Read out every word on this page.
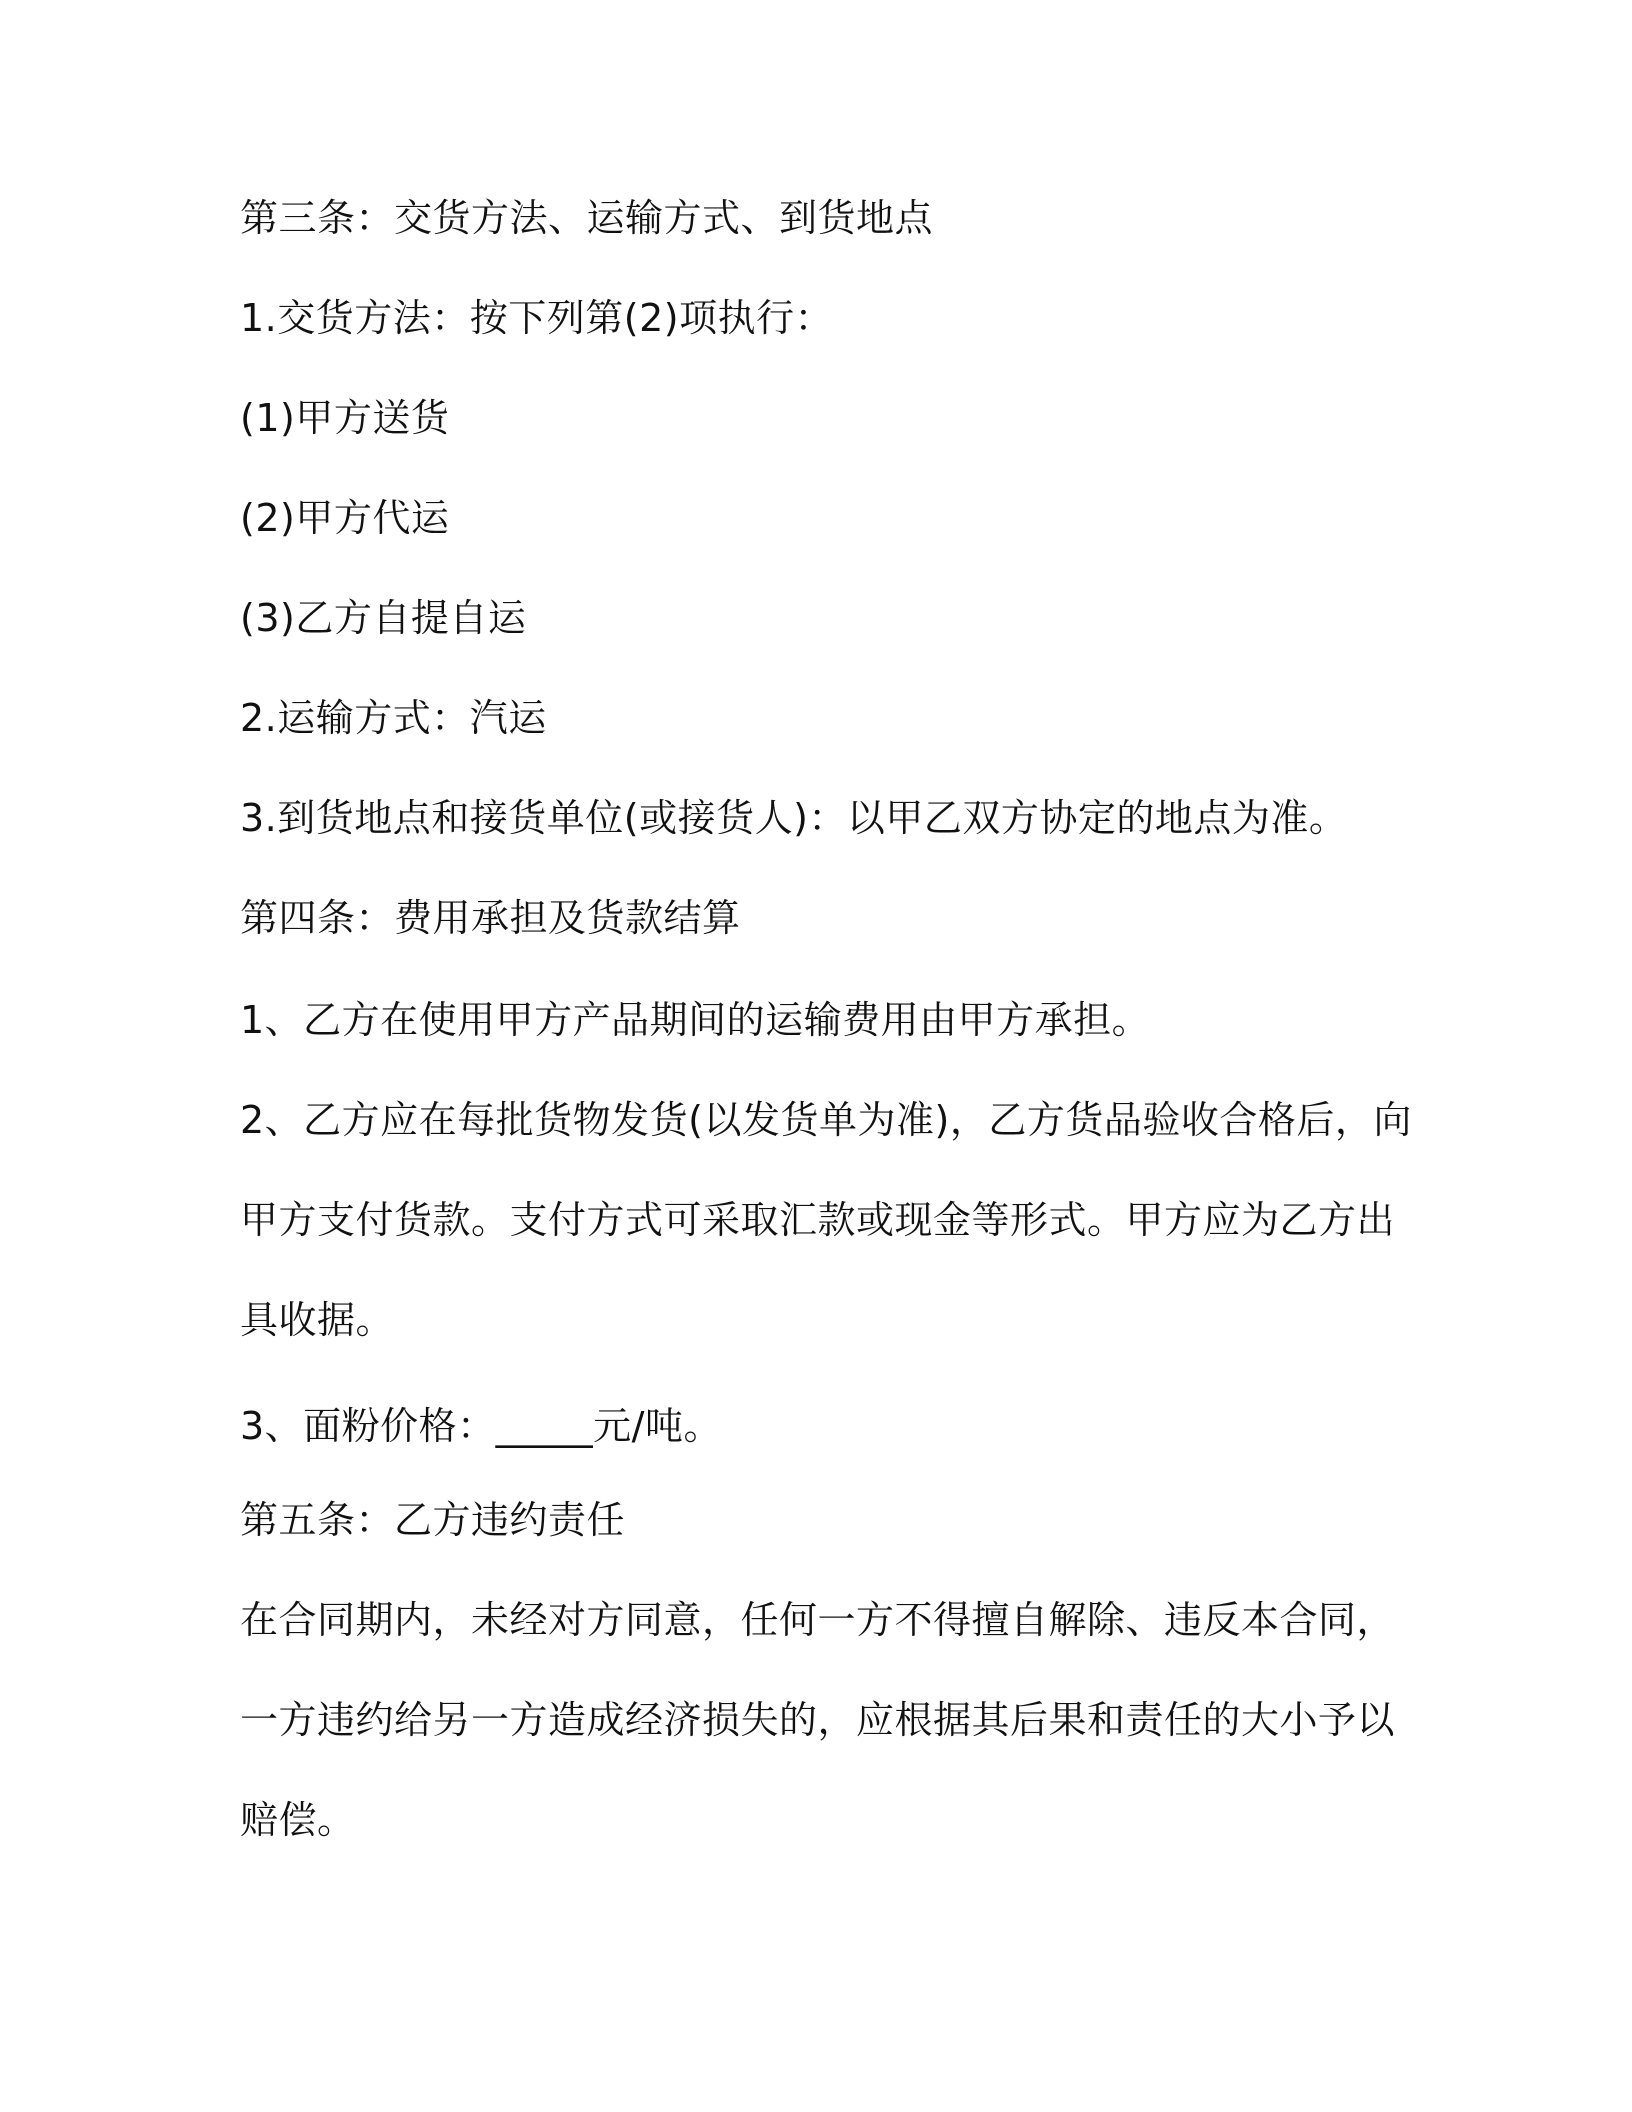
第三条：交货方法、运输方式、到货地点

1.交货方法：按下列第(2)项执行：

(1)甲方送货

(2)甲方代运

(3)乙方自提自运

2.运输方式：汽运

3.到货地点和接货单位(或接货人)：以甲乙双方协定的地点为准。

第四条：费用承担及货款结算

1、乙方在使用甲方产品期间的运输费用由甲方承担。

2、乙方应在每批货物发货(以发货单为准)，乙方货品验收合格后，向

甲方支付货款。支付方式可采取汇款或现金等形式。甲方应为乙方出

具收据。

3、面粉价格：_____元/吨。

第五条：乙方违约责任

在合同期内，未经对方同意，任何一方不得擅自解除、违反本合同，

一方违约给另一方造成经济损失的，应根据其后果和责任的大小予以

赔偿。
